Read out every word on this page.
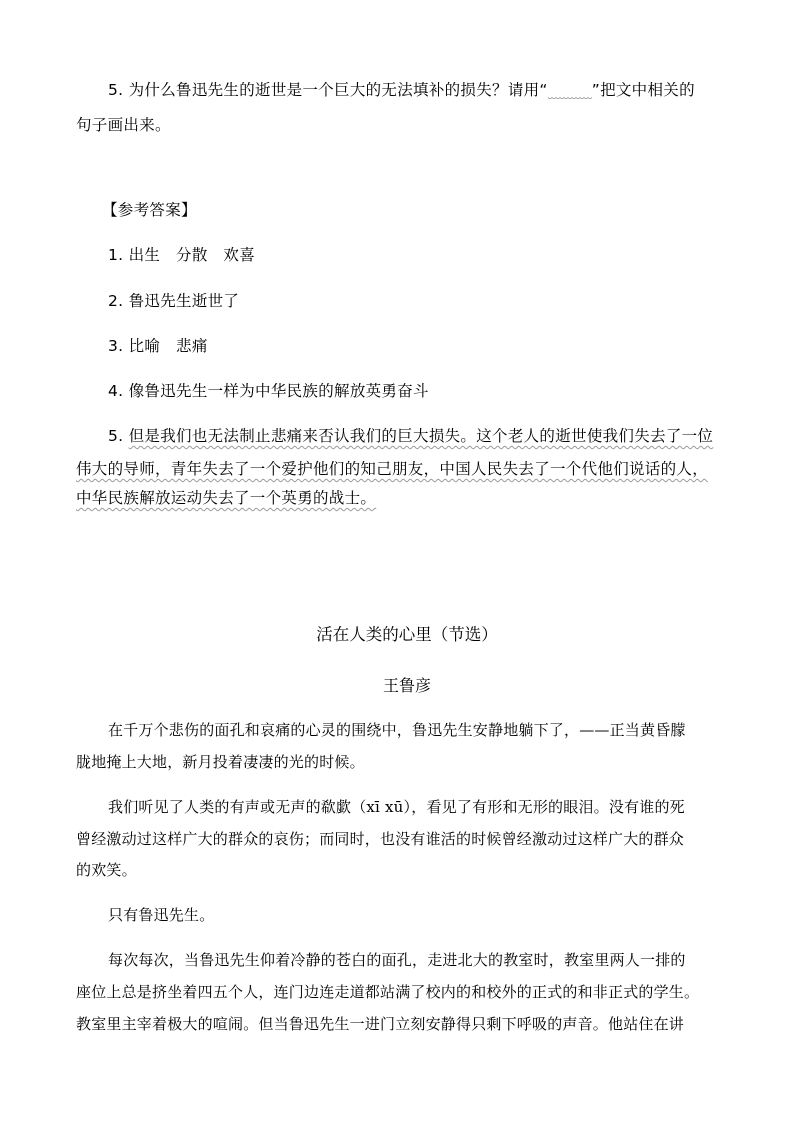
5. 为什么鲁迅先生的逝世是一个巨大的无法填补的损失？请用“	”把文中相关的
句子画出来。
【参考答案】
1. 出生　分散　欢喜
2. 鲁迅先生逝世了
3. 比喻　悲痛
4. 像鲁迅先生一样为中华民族的解放英勇奋斗
5. 但是我们也无法制止悲痛来否认我们的巨大损失。这个老人的逝世使我们失去了一位
伟大的导师，青年失去了一个爱护他们的知己朋友，中国人民失去了一个代他们说话的人，
中华民族解放运动失去了一个英勇的战士。
活在人类的心里（节选）
王鲁彦
在千万个悲伤的面孔和哀痛的心灵的围绕中，鲁迅先生安静地躺下了，——正当黄昏朦
胧地掩上大地，新月投着凄凄的光的时候。
我们听见了人类的有声或无声的欷歔（xī xū），看见了有形和无形的眼泪。没有谁的死
曾经激动过这样广大的群众的哀伤；而同时，也没有谁活的时候曾经激动过这样广大的群众
的欢笑。
只有鲁迅先生。
每次每次，当鲁迅先生仰着冷静的苍白的面孔，走进北大的教室时，教室里两人一排的
座位上总是挤坐着四五个人，连门边连走道都站满了校内的和校外的正式的和非正式的学生。
教室里主宰着极大的喧闹。但当鲁迅先生一进门立刻安静得只剩下呼吸的声音。他站住在讲
